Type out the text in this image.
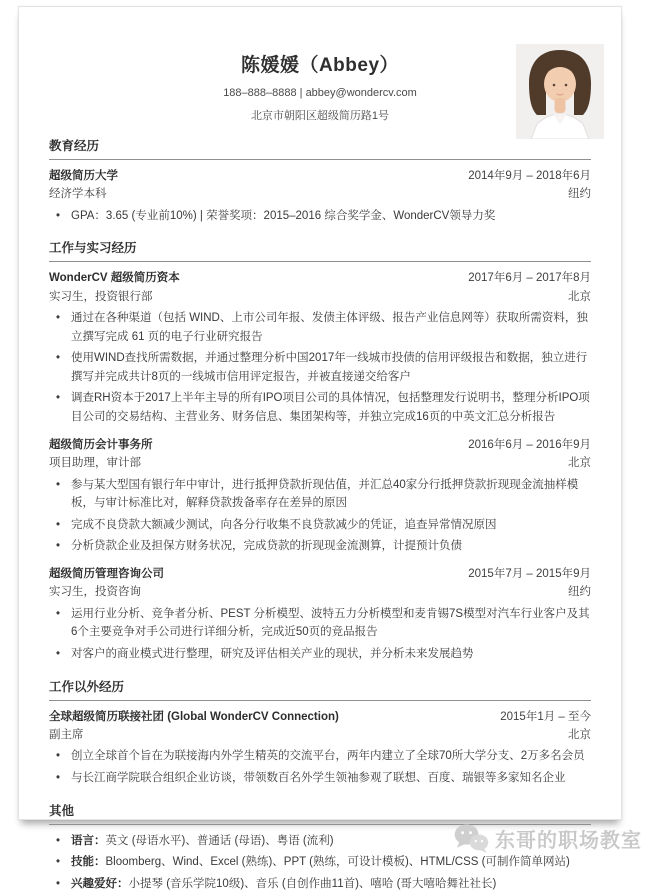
陈媛媛（Abbey）
188–888–8888 | abbey@wondercv.com
北京市朝阳区超级简历路1号
教育经历
超级简历大学	2014年9月 – 2018年6月
经济学本科	纽约
• GPA：3.65 (专业前10%) | 荣誉奖项：2015–2016 综合奖学金、WonderCV领导力奖
工作与实习经历
WonderCV 超级简历资本	2017年6月 – 2017年8月
实习生，投资银行部	北京
• 通过在各种渠道（包括 WIND、上市公司年报、发债主体评级、报告产业信息网等）获取所需资料，独立撰写完成 61 页的电子行业研究报告
• 使用WIND查找所需数据，并通过整理分析中国2017年一线城市投债的信用评级报告和数据，独立进行撰写并完成共计8页的一线城市信用评定报告，并被直接递交给客户
• 调查RH资本于2017上半年主导的所有IPO项目公司的具体情况，包括整理发行说明书，整理分析IPO项目公司的交易结构、主营业务、财务信息、集团架构等，并独立完成16页的中英文汇总分析报告
超级简历会计事务所	2016年6月 – 2016年9月
项目助理，审计部	北京
• 参与某大型国有银行年中审计，进行抵押贷款折现估值，并汇总40家分行抵押贷款折现现金流抽样模板，与审计标准比对，解释贷款拨备率存在差异的原因
• 完成不良贷款大额减少测试，向各分行收集不良贷款减少的凭证，追查异常情况原因
• 分析贷款企业及担保方财务状况，完成贷款的折现现金流测算，计提预计负债
超级简历管理咨询公司	2015年7月 – 2015年9月
实习生，投资咨询	纽约
• 运用行业分析、竞争者分析、PEST 分析模型、波特五力分析模型和麦肯锡7S模型对汽车行业客户及其6个主要竞争对手公司进行详细分析，完成近50页的竞品报告
• 对客户的商业模式进行整理，研究及评估相关产业的现状，并分析未来发展趋势
工作以外经历
全球超级简历联接社团 (Global WonderCV Connection)	2015年1月 – 至今
副主席	北京
• 创立全球首个旨在为联接海内外学生精英的交流平台，两年内建立了全球70所大学分支、2万多名会员
• 与长江商学院联合组织企业访谈，带领数百名外学生领袖参观了联想、百度、瑞银等多家知名企业
其他
• 语言：英文 (母语水平)、普通话 (母语)、粤语 (流利)
• 技能：Bloomberg、Wind、Excel (熟练)、PPT (熟练，可设计模板)、HTML/CSS (可制作简单网站)
• 兴趣爱好：小提琴 (音乐学院10级)、音乐 (自创作曲11首)、嘻哈 (哥大嘻哈舞社社长)
东哥的职场教室
